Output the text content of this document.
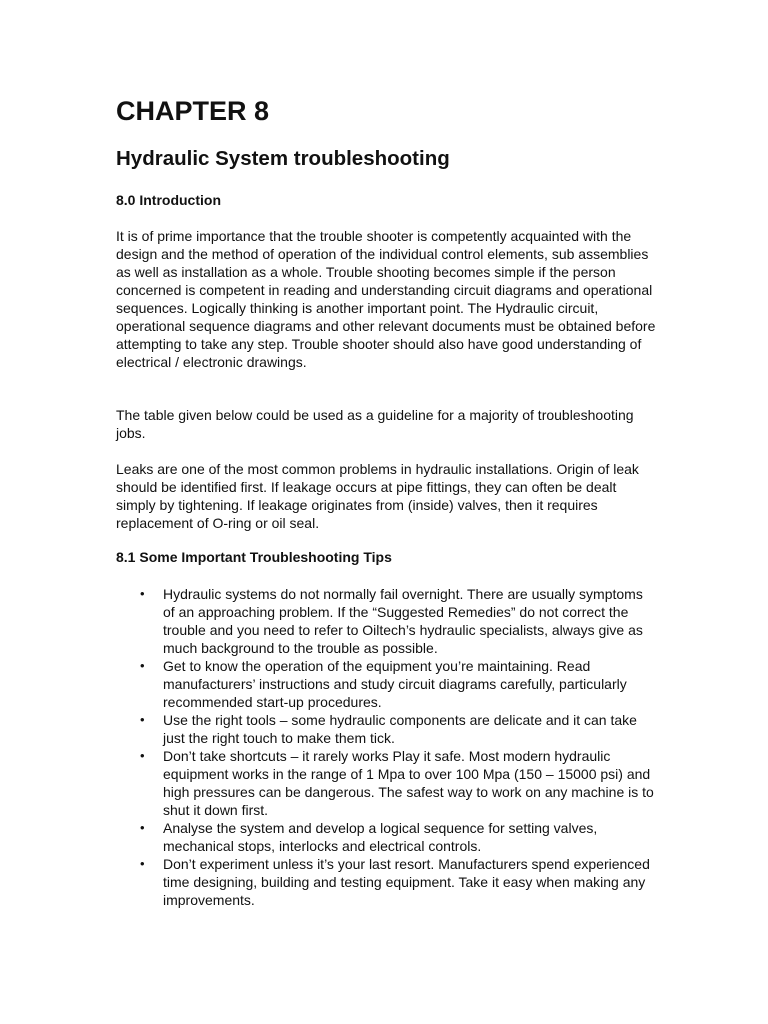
CHAPTER 8
Hydraulic System troubleshooting
8.0 Introduction

It is of prime importance that the trouble shooter is competently acquainted with the design and the method of operation of the individual control elements, sub assemblies as well as installation as a whole. Trouble shooting becomes simple if the person concerned is competent in reading and understanding circuit diagrams and operational sequences. Logically thinking is another important point. The Hydraulic circuit, operational sequence diagrams and other relevant documents must be obtained before attempting to take any step. Trouble shooter should also have good understanding of electrical / electronic drawings.

The table given below could be used as a guideline for a majority of troubleshooting jobs.

Leaks are one of the most common problems in hydraulic installations. Origin of leak should be identified first. If leakage occurs at pipe fittings, they can often be dealt simply by tightening. If leakage originates from (inside) valves, then it requires replacement of O-ring or oil seal.

8.1 Some Important Troubleshooting Tips
• Hydraulic systems do not normally fail overnight. There are usually symptoms of an approaching problem. If the “Suggested Remedies” do not correct the trouble and you need to refer to Oiltech’s hydraulic specialists, always give as much background to the trouble as possible.
• Get to know the operation of the equipment you’re maintaining. Read manufacturers’ instructions and study circuit diagrams carefully, particularly recommended start-up procedures.
• Use the right tools – some hydraulic components are delicate and it can take just the right touch to make them tick.
• Don’t take shortcuts – it rarely works Play it safe. Most modern hydraulic equipment works in the range of 1 Mpa to over 100 Mpa (150 – 15000 psi) and high pressures can be dangerous. The safest way to work on any machine is to shut it down first.
• Analyse the system and develop a logical sequence for setting valves, mechanical stops, interlocks and electrical controls.
• Don’t experiment unless it’s your last resort. Manufacturers spend experienced time designing, building and testing equipment. Take it easy when making any improvements.
